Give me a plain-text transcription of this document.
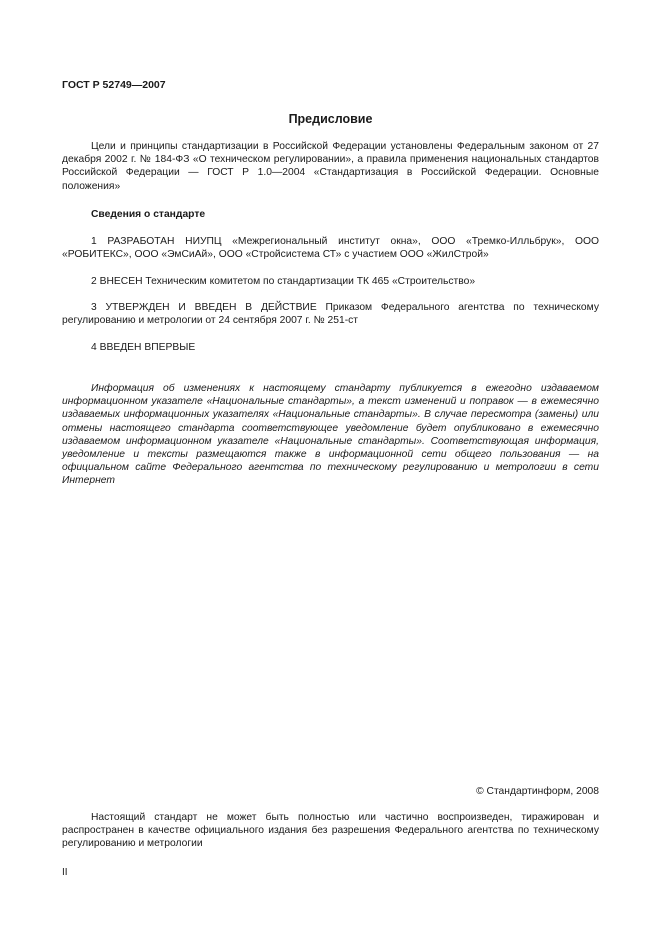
ГОСТ Р 52749—2007
Предисловие

Цели и принципы стандартизации в Российской Федерации установлены Федеральным законом от 27 декабря 2002 г. № 184-ФЗ «О техническом регулировании», а правила применения национальных стандартов Российской Федерации — ГОСТ Р 1.0—2004 «Стандартизация в Российской Федерации. Основные положения»

Сведения о стандарте

1 РАЗРАБОТАН НИУПЦ «Межрегиональный институт окна», ООО «Тремко-Илльбрук», ООО «РОБИТЕКС», ООО «ЭмСиАй», ООО «Стройсистема СТ» с участием ООО «ЖилСтрой»

2 ВНЕСЕН Техническим комитетом по стандартизации ТК 465 «Строительство»

3 УТВЕРЖДЕН И ВВЕДЕН В ДЕЙСТВИЕ Приказом Федерального агентства по техническому регулированию и метрологии от 24 сентября 2007 г. № 251-ст

4 ВВЕДЕН ВПЕРВЫЕ

Информация об изменениях к настоящему стандарту публикуется в ежегодно издаваемом информационном указателе «Национальные стандарты», а текст изменений и поправок — в ежемесячно издаваемых информационных указателях «Национальные стандарты». В случае пересмотра (замены) или отмены настоящего стандарта соответствующее уведомление будет опубликовано в ежемесячно издаваемом информационном указателе «Национальные стандарты». Соответствующая информация, уведомление и тексты размещаются также в информационной сети общего пользования — на официальном сайте Федерального агентства по техническому регулированию и метрологии в сети Интернет

© Стандартинформ, 2008

Настоящий стандарт не может быть полностью или частично воспроизведен, тиражирован и распространен в качестве официального издания без разрешения Федерального агентства по техническому регулированию и метрологии

II
